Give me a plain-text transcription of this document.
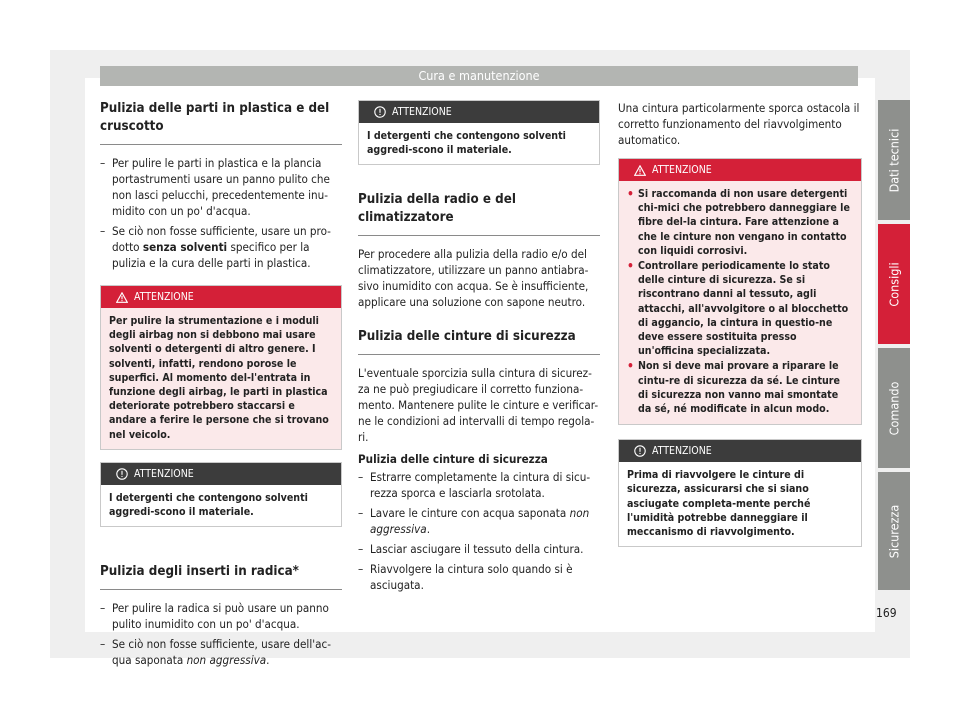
Cura e manutenzione
Pulizia delle parti in plastica e del cruscotto

– Per pulire le parti in plastica e la plancia portastrumenti usare un panno pulito che non lasci pelucchi, precedentemente inu-midito con un po' d'acqua.

– Se ciò non fosse sufficiente, usare un pro-dotto senza solventi specifico per la pulizia e la cura delle parti in plastica.

ATTENZIONE
Per pulire la strumentazione e i moduli degli airbag non si debbono mai usare solventi o detergenti di altro genere. I solventi, infatti, rendono porose le superfici. Al momento del-l'entrata in funzione degli airbag, le parti in plastica deteriorate potrebbero staccarsi e andare a ferire le persone che si trovano nel veicolo.
ATTENZIONE
I detergenti che contengono solventi aggredi-scono il materiale.
Pulizia degli inserti in radica*

– Per pulire la radica si può usare un panno pulito inumidito con un po' d'acqua.

– Se ciò non fosse sufficiente, usare dell'ac-qua saponata non aggressiva.

ATTENZIONE
I detergenti che contengono solventi aggredi-scono il materiale.
Pulizia della radio e del climatizzatore

Per procedere alla pulizia della radio e/o del climatizzatore, utilizzare un panno antiabra-sivo inumidito con acqua. Se è insufficiente, applicare una soluzione con sapone neutro.

Pulizia delle cinture di sicurezza

L'eventuale sporcizia sulla cintura di sicurez-za ne può pregiudicare il corretto funziona-mento. Mantenere pulite le cinture e verificar-ne le condizioni ad intervalli di tempo regola-ri.

Pulizia delle cinture di sicurezza

– Estrarre completamente la cintura di sicu-rezza sporca e lasciarla srotolata.

– Lavare le cinture con acqua saponata non aggressiva.

– Lasciar asciugare il tessuto della cintura.

– Riavvolgere la cintura solo quando si è asciugata.

Una cintura particolarmente sporca ostacola il corretto funzionamento del riavvolgimento automatico.

ATTENZIONE
• Si raccomanda di non usare detergenti chi-mici che potrebbero danneggiare le fibre del-la cintura. Fare attenzione a che le cinture non vengano in contatto con liquidi corrosivi.
• Controllare periodicamente lo stato delle cinture di sicurezza. Se si riscontrano danni al tessuto, agli attacchi, all'avvolgitore o al blocchetto di aggancio, la cintura in questio-ne deve essere sostituita presso un'officina specializzata.
• Non si deve mai provare a riparare le cintu-re di sicurezza da sé. Le cinture di sicurezza non vanno mai smontate da sé, né modificate in alcun modo.
ATTENZIONE
Prima di riavvolgere le cinture di sicurezza, assicurarsi che si siano asciugate completa-mente perché l'umidità potrebbe danneggiare il meccanismo di riavvolgimento.
Dati tecnici
Consigli
Comando
Sicurezza
169
